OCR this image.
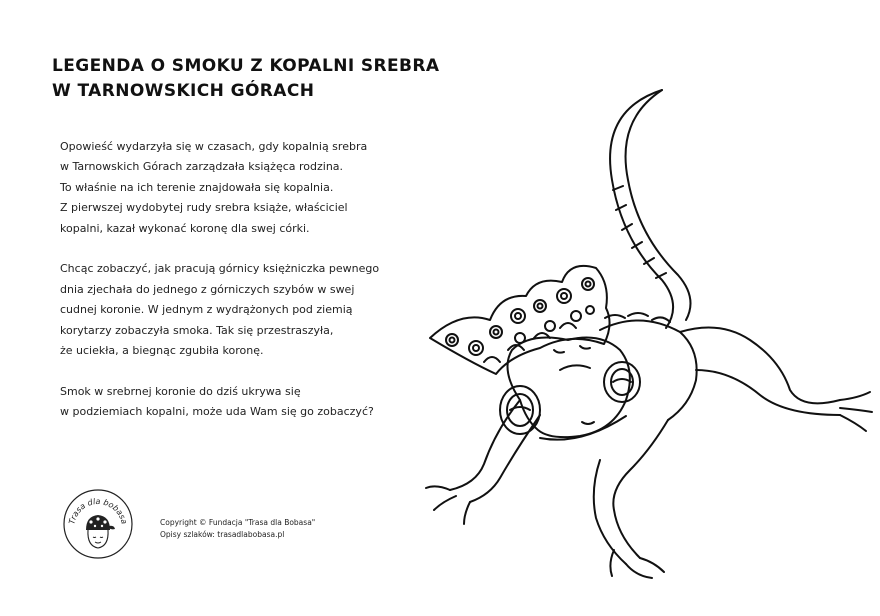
LEGENDA O SMOKU Z KOPALNI SREBRA
W TARNOWSKICH GÓRACH
Opowieść wydarzyła się w czasach, gdy kopalnią srebra
w Tarnowskich Górach zarządzała książęca rodzina.
To właśnie na ich terenie znajdowała się kopalnia.
Z pierwszej wydobytej rudy srebra książe, właściciel
kopalni, kazał wykonać koronę dla swej córki.
Chcąc zobaczyć, jak pracują górnicy księżniczka pewnego
dnia zjechała do jednego z górniczych szybów w swej
cudnej koronie. W jednym z wydrążonych pod ziemią
korytarzy zobaczyła smoka. Tak się przestraszyła,
że uciekła, a biegnąc zgubiła koronę.
Smok w srebrnej koronie do dziś ukrywa się
w podziemiach kopalni, może uda Wam się go zobaczyć?
Trasa dla bobasa	Copyright © Fundacja "Trasa dla Bobasa"
Opisy szlaków: trasadlabobasa.pl
